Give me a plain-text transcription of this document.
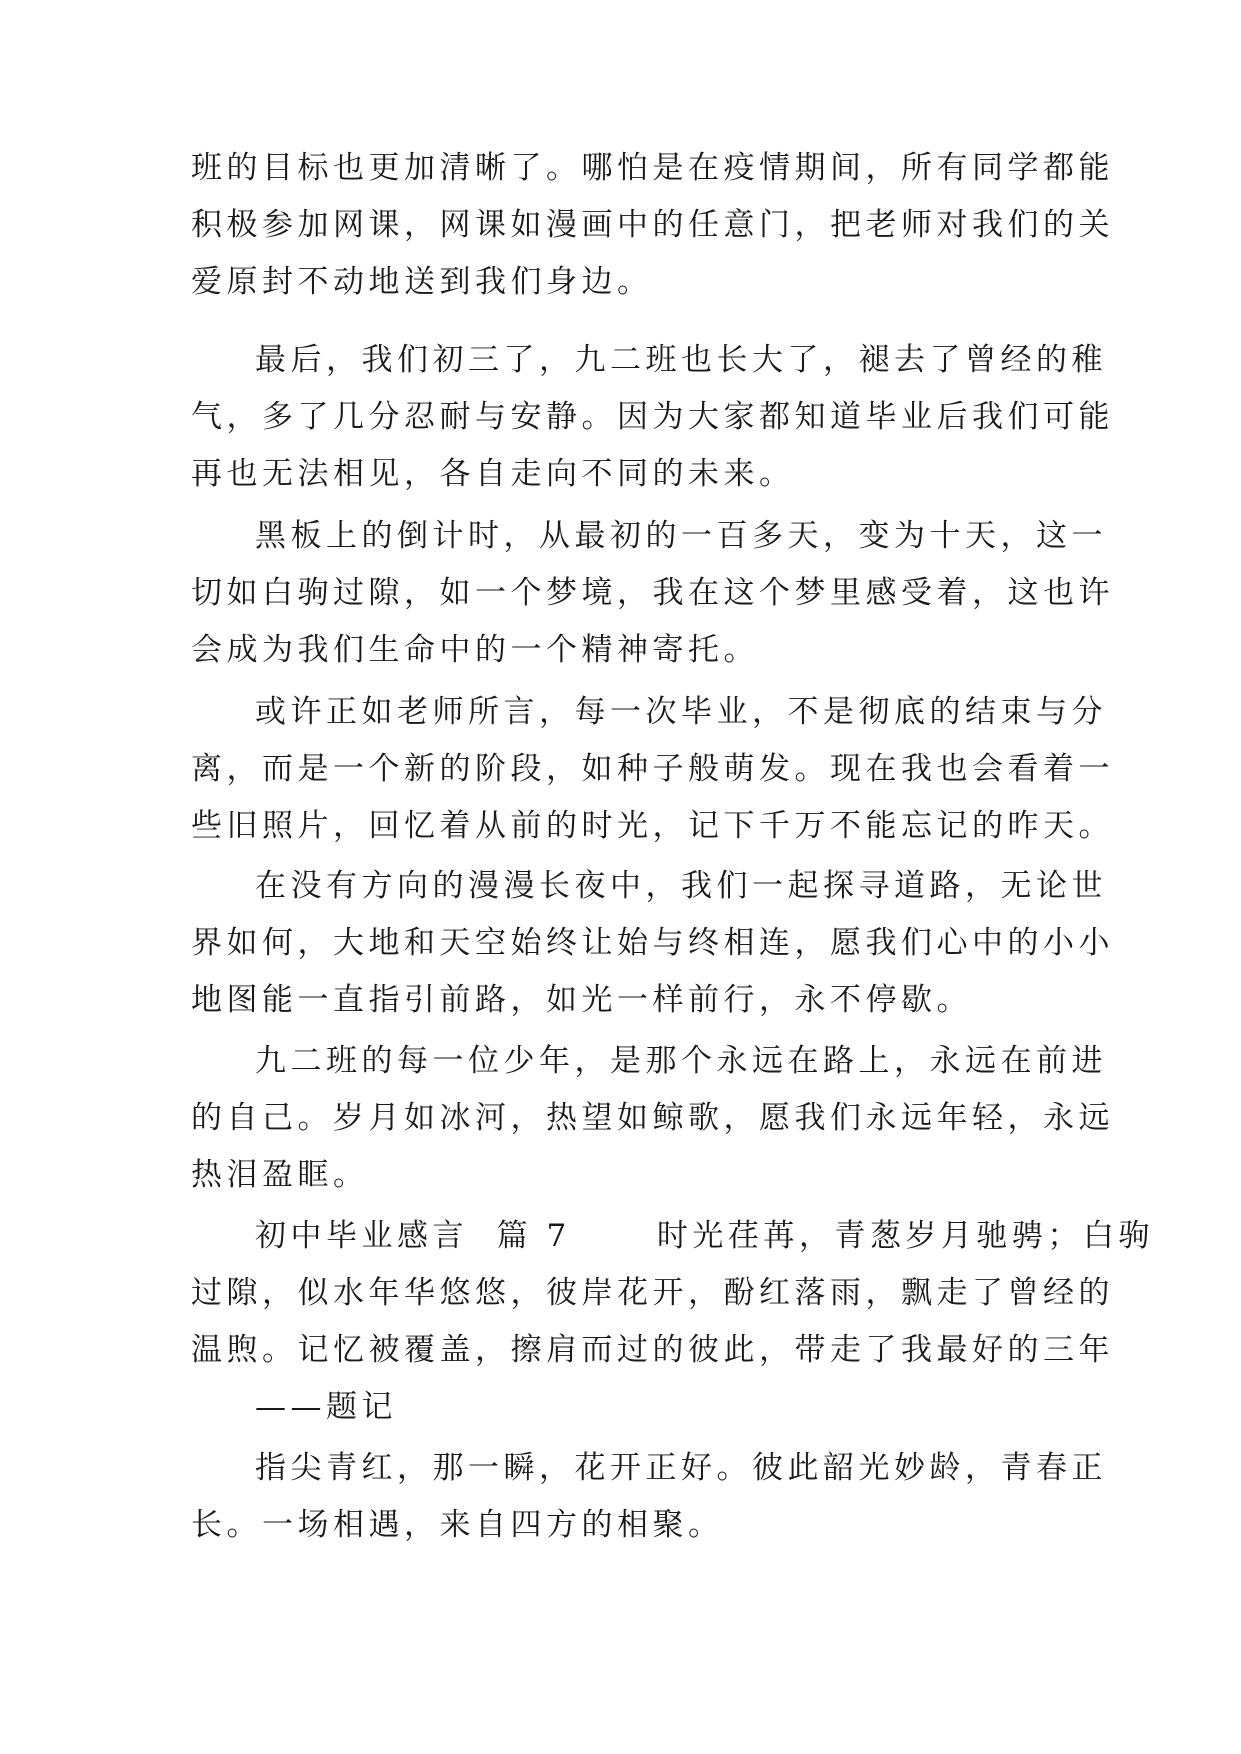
班的目标也更加清晰了。哪怕是在疫情期间，所有同学都能
积极参加网课，网课如漫画中的任意门，把老师对我们的关
爱原封不动地送到我们身边。
最后，我们初三了，九二班也长大了，褪去了曾经的稚
气，多了几分忍耐与安静。因为大家都知道毕业后我们可能
再也无法相见，各自走向不同的未来。
黑板上的倒计时，从最初的一百多天，变为十天，这一
切如白驹过隙，如一个梦境，我在这个梦里感受着，这也许
会成为我们生命中的一个精神寄托。
或许正如老师所言，每一次毕业，不是彻底的结束与分
离，而是一个新的阶段，如种子般萌发。现在我也会看着一
些旧照片，回忆着从前的时光，记下千万不能忘记的昨天。
在没有方向的漫漫长夜中，我们一起探寻道路，无论世
界如何，大地和天空始终让始与终相连，愿我们心中的小小
地图能一直指引前路，如光一样前行，永不停歇。
九二班的每一位少年，是那个永远在路上，永远在前进
的自己。岁月如冰河，热望如鲸歌，愿我们永远年轻，永远
热泪盈眶。
初中毕业感言  篇 7      时光荏苒，青葱岁月驰骋；白驹
过隙，似水年华悠悠，彼岸花开，酚红落雨，飘走了曾经的
温煦。记忆被覆盖，擦肩而过的彼此，带走了我最好的三年
——题记
指尖青红，那一瞬，花开正好。彼此韶光妙龄，青春正
长。一场相遇，来自四方的相聚。
